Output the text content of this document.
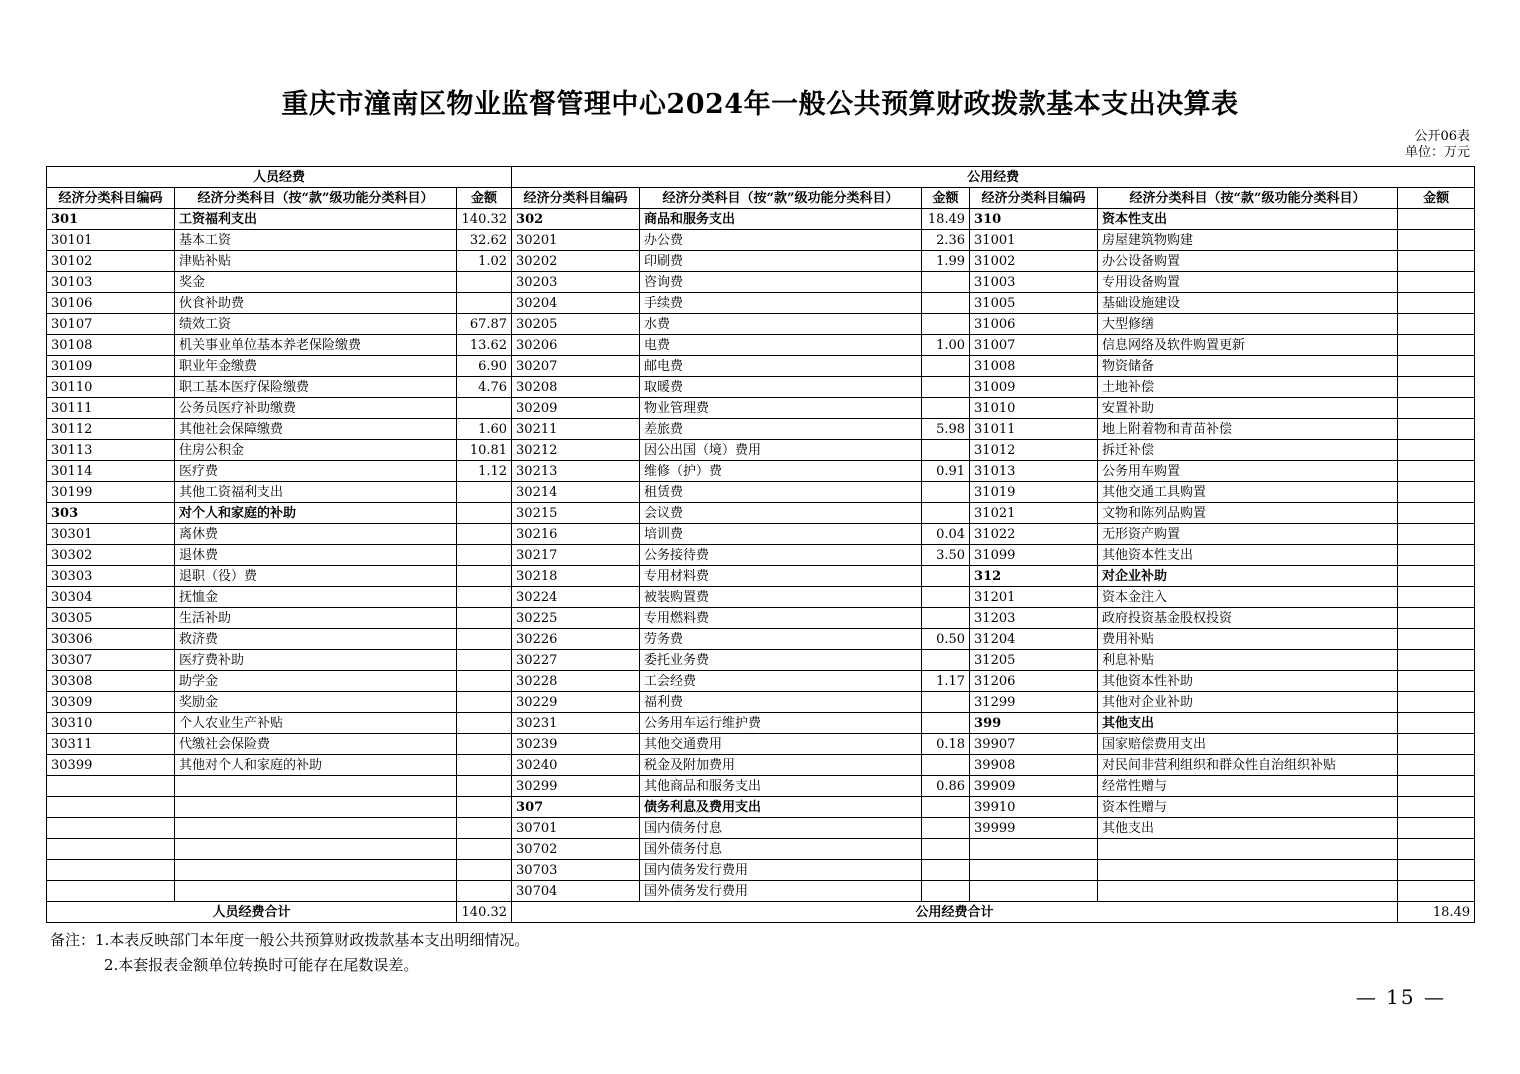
重庆市潼南区物业监督管理中心2024年一般公共预算财政拨款基本支出决算表
公开06表
单位：万元
人员经费			公用经费					
经济分类科目编码	经济分类科目（按“款”级功能分类科目）	金额	经济分类科目编码	经济分类科目（按“款”级功能分类科目）	金额	经济分类科目编码	经济分类科目（按“款”级功能分类科目）	金额
301	工资福利支出	140.32	302	商品和服务支出	18.49	310	资本性支出	
30101	基本工资	32.62	30201	办公费	2.36	31001	房屋建筑物购建	
30102	津贴补贴	1.02	30202	印刷费	1.99	31002	办公设备购置	
30103	奖金		30203	咨询费		31003	专用设备购置	
30106	伙食补助费		30204	手续费		31005	基础设施建设	
30107	绩效工资	67.87	30205	水费		31006	大型修缮	
30108	机关事业单位基本养老保险缴费	13.62	30206	电费	1.00	31007	信息网络及软件购置更新	
30109	职业年金缴费	6.90	30207	邮电费		31008	物资储备	
30110	职工基本医疗保险缴费	4.76	30208	取暖费		31009	土地补偿	
30111	公务员医疗补助缴费		30209	物业管理费		31010	安置补助	
30112	其他社会保障缴费	1.60	30211	差旅费	5.98	31011	地上附着物和青苗补偿	
30113	住房公积金	10.81	30212	因公出国（境）费用		31012	拆迁补偿	
30114	医疗费	1.12	30213	维修（护）费	0.91	31013	公务用车购置	
30199	其他工资福利支出		30214	租赁费		31019	其他交通工具购置	
303	对个人和家庭的补助		30215	会议费		31021	文物和陈列品购置	
30301	离休费		30216	培训费	0.04	31022	无形资产购置	
30302	退休费		30217	公务接待费	3.50	31099	其他资本性支出	
30303	退职（役）费		30218	专用材料费		312	对企业补助	
30304	抚恤金		30224	被装购置费		31201	资本金注入	
30305	生活补助		30225	专用燃料费		31203	政府投资基金股权投资	
30306	救济费		30226	劳务费	0.50	31204	费用补贴	
30307	医疗费补助		30227	委托业务费		31205	利息补贴	
30308	助学金		30228	工会经费	1.17	31206	其他资本性补助	
30309	奖励金		30229	福利费		31299	其他对企业补助	
30310	个人农业生产补贴		30231	公务用车运行维护费		399	其他支出	
30311	代缴社会保险费		30239	其他交通费用	0.18	39907	国家赔偿费用支出	
30399	其他对个人和家庭的补助		30240	税金及附加费用		39908	对民间非营利组织和群众性自治组织补贴	
			30299	其他商品和服务支出	0.86	39909	经常性赠与	
			307	债务利息及费用支出		39910	资本性赠与	
			30701	国内债务付息		39999	其他支出	
			30702	国外债务付息				
			30703	国内债务发行费用				
			30704	国外债务发行费用				
人员经费合计		140.32	公用经费合计					18.49
备注：1.本表反映部门本年度一般公共预算财政拨款基本支出明细情况。
2.本套报表金额单位转换时可能存在尾数误差。
— 15 —
